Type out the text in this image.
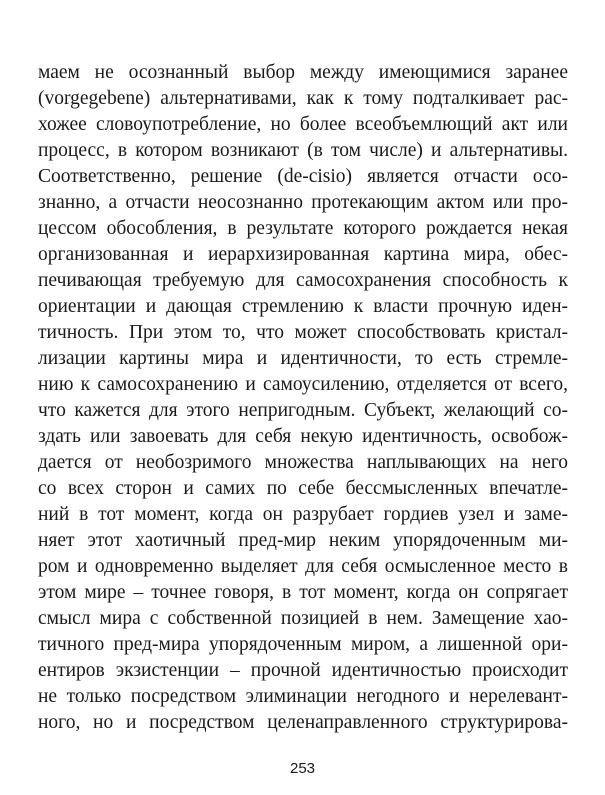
маем не осознанный выбор между имеющимися заранее
(vorgegebene) альтернативами, как к тому подталкивает рас-
хожее словоупотребление, но более всеобъемлющий акт или
процесс, в котором возникают (в том числе) и альтернативы.
Соответственно, решение (de-cisio) является отчасти осо-
знанно, а отчасти неосознанно протекающим актом или про-
цессом обособления, в результате которого рождается некая
организованная и иерархизированная картина мира, обес-
печивающая требуемую для самосохранения способность к
ориентации и дающая стремлению к власти прочную иден-
тичность. При этом то, что может способствовать кристал-
лизации картины мира и идентичности, то есть стремле-
нию к самосохранению и самоусилению, отделяется от всего,
что кажется для этого непригодным. Субъект, желающий со-
здать или завоевать для себя некую идентичность, освобож-
дается от необозримого множества наплывающих на него
со всех сторон и самих по себе бессмысленных впечатле-
ний в тот момент, когда он разрубает гордиев узел и заме-
няет этот хаотичный пред-мир неким упорядоченным ми-
ром и одновременно выделяет для себя осмысленное место в
этом мире – точнее говоря, в тот момент, когда он сопрягает
смысл мира с собственной позицией в нем. Замещение хао-
тичного пред-мира упорядоченным миром, а лишенной ори-
ентиров экзистенции – прочной идентичностью происходит
не только посредством элиминации негодного и нерелевант-
ного, но и посредством целенаправленного структурирова-
253
